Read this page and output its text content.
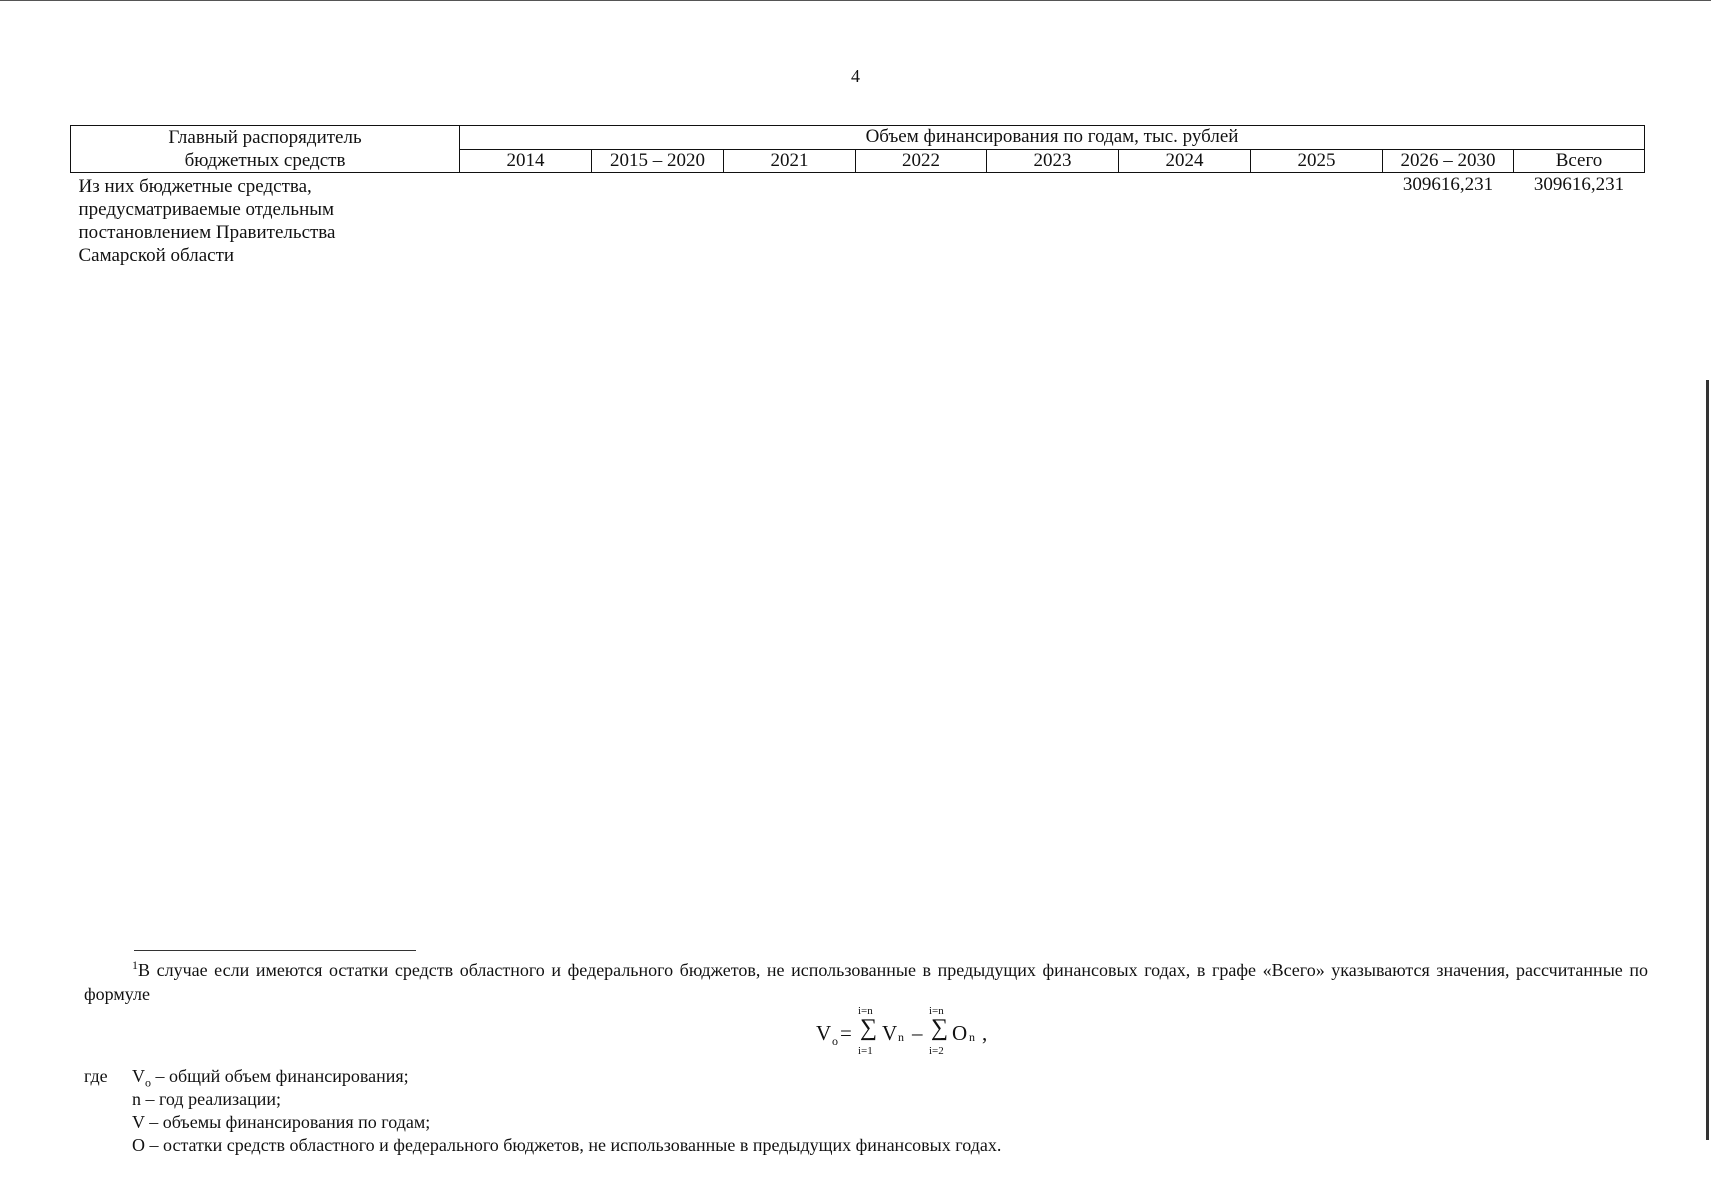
4
Главный распорядитель
бюджетных средств	Объем финансирования по годам, тыс. рублей								
	2014	2015 – 2020	2021	2022	2023	2024	2025	2026 – 2030	Всего
Из них бюджетные средства,
предусматриваемые отдельным
постановлением Правительства
Самарской области								309616,231	309616,231
$^1$В случае если имеются остатки средств областного и федерального бюджетов, не использованные в предыдущих финансовых годах, в графе «Всего» указываются значения, рассчитанные по формуле
V o =
i=n
∑
i=1
V n –
i=n
∑
i=2
O n ,
где $V_o$ – общий объем финансирования;
n – год реализации;
V – объемы финансирования по годам;
O – остатки средств областного и федерального бюджетов, не использованные в предыдущих финансовых годах.
